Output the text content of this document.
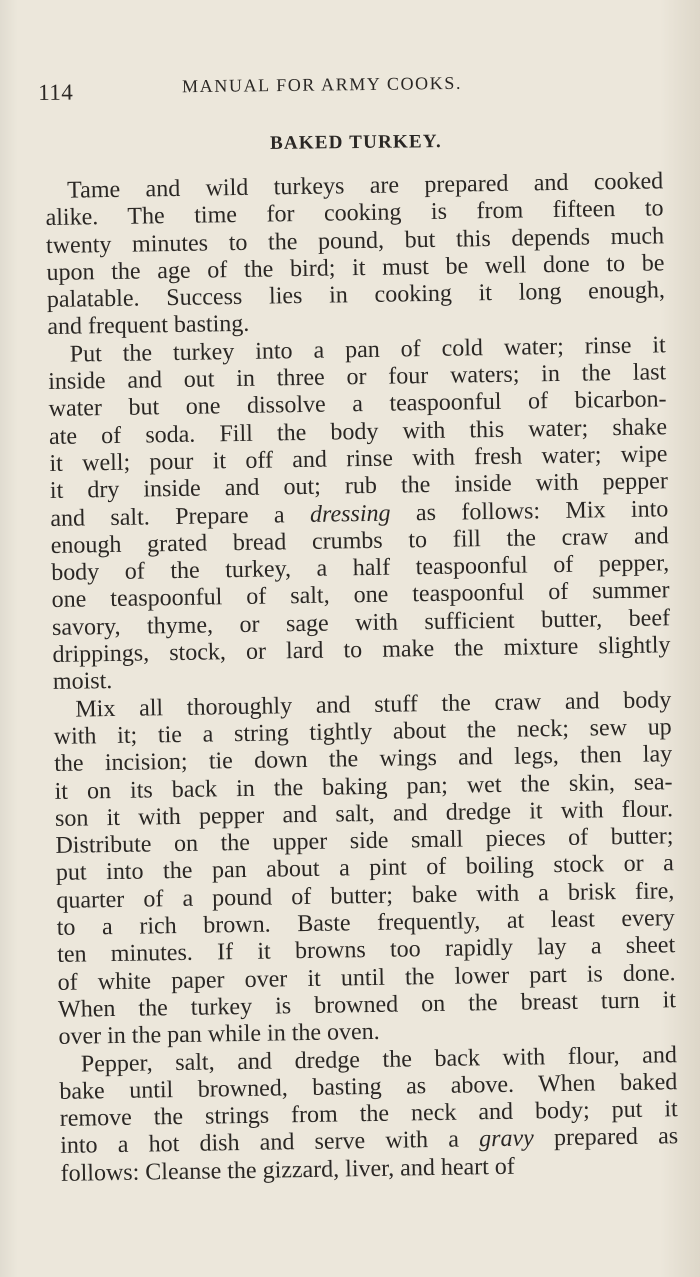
114	MANUAL FOR ARMY COOKS.
BAKED TURKEY.
Tame and wild turkeys are prepared and cooked
alike. The time for cooking is from fifteen to
twenty minutes to the pound, but this depends much
upon the age of the bird; it must be well done to be
palatable. Success lies in cooking it long enough,
and frequent basting.
Put the turkey into a pan of cold water; rinse it
inside and out in three or four waters; in the last
water but one dissolve a teaspoonful of bicarbon-
ate of soda. Fill the body with this water; shake
it well; pour it off and rinse with fresh water; wipe
it dry inside and out; rub the inside with pepper
and salt. Prepare a dressing as follows: Mix into
enough grated bread crumbs to fill the craw and
body of the turkey, a half teaspoonful of pepper,
one teaspoonful of salt, one teaspoonful of summer
savory, thyme, or sage with sufficient butter, beef
drippings, stock, or lard to make the mixture slightly
moist.
Mix all thoroughly and stuff the craw and body
with it; tie a string tightly about the neck; sew up
the incision; tie down the wings and legs, then lay
it on its back in the baking pan; wet the skin, sea-
son it with pepper and salt, and dredge it with flour.
Distribute on the upper side small pieces of butter;
put into the pan about a pint of boiling stock or a
quarter of a pound of butter; bake with a brisk fire,
to a rich brown. Baste frequently, at least every
ten minutes. If it browns too rapidly lay a sheet
of white paper over it until the lower part is done.
When the turkey is browned on the breast turn it
over in the pan while in the oven.
Pepper, salt, and dredge the back with flour, and
bake until browned, basting as above. When baked
remove the strings from the neck and body; put it
into a hot dish and serve with a gravy prepared as
follows: Cleanse the gizzard, liver, and heart of
